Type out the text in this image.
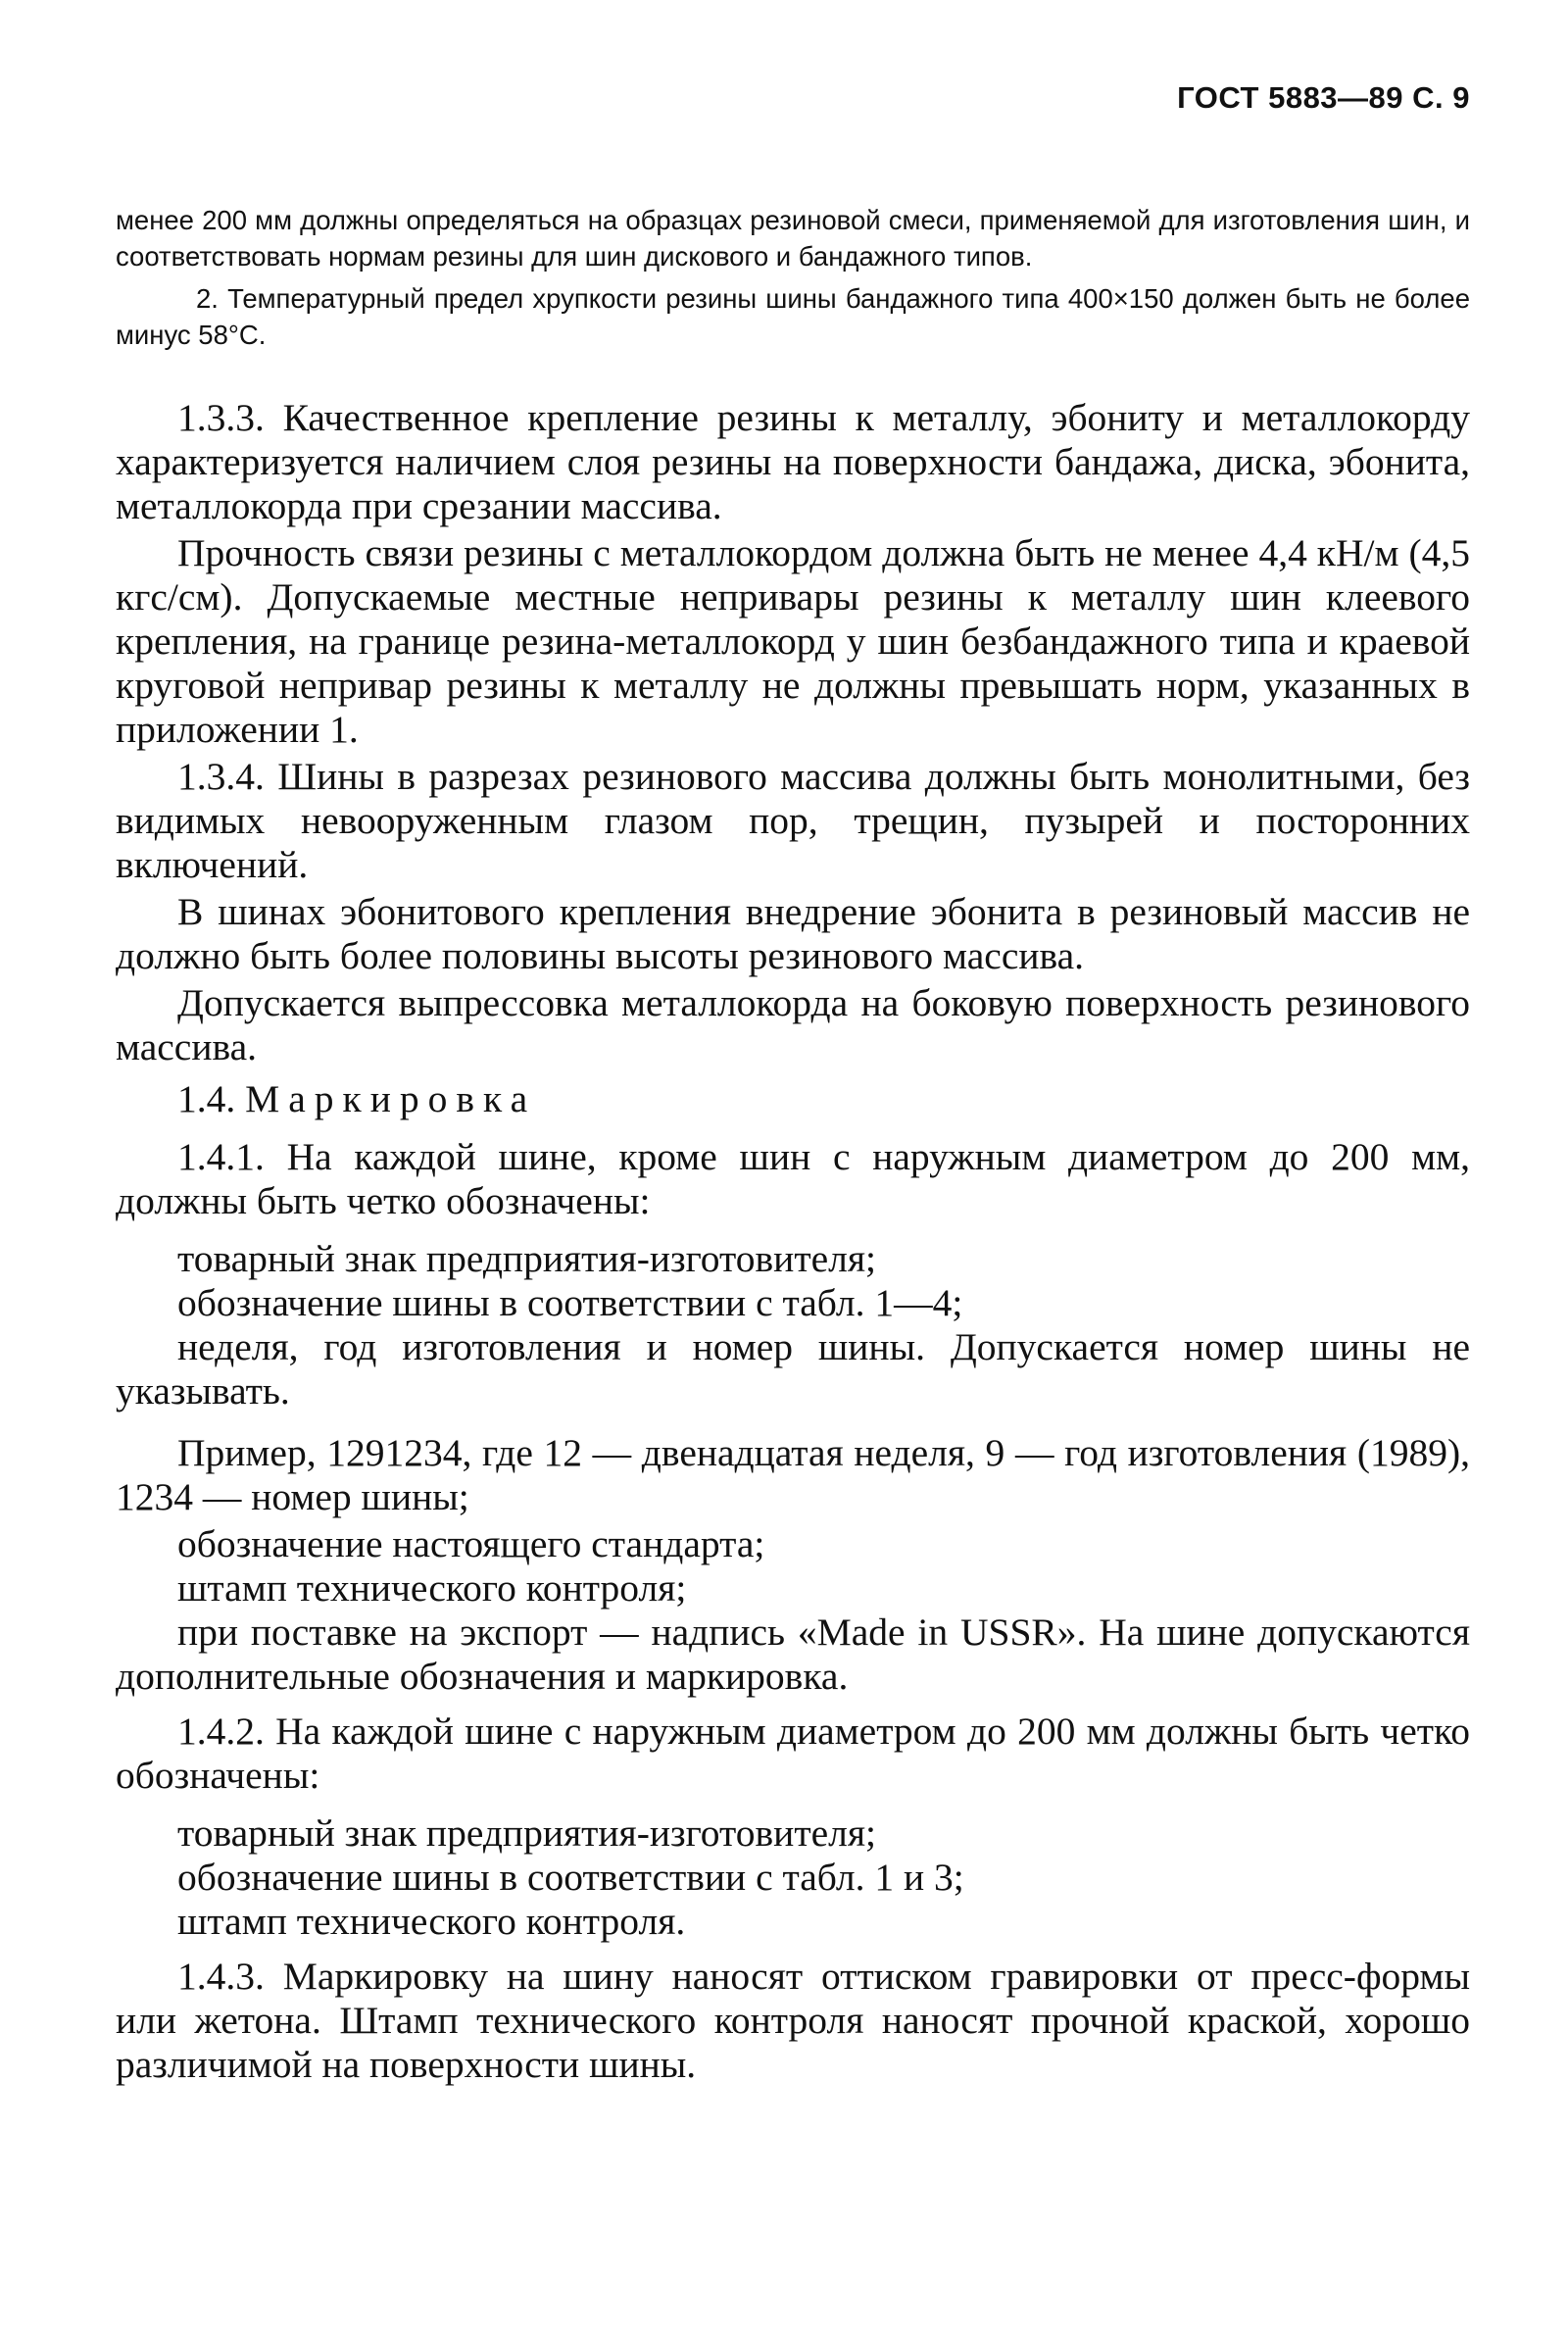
ГОСТ 5883—89 С. 9

менее 200 мм должны определяться на образцах резиновой смеси, применяемой для изготовления шин, и соответствовать нормам резины для шин дискового и бандажного типов.

2. Температурный предел хрупкости резины шины бандажного типа 400×150 должен быть не более минус 58°С.

1.3.3. Качественное крепление резины к металлу, эбониту и металлокорду характеризуется наличием слоя резины на поверхности бандажа, диска, эбонита, металлокорда при срезании массива.

Прочность связи резины с металлокордом должна быть не менее 4,4 кН/м (4,5 кгс/см). Допускаемые местные непривары резины к металлу шин клеевого крепления, на границе резина-металлокорд у шин безбандажного типа и краевой круговой непривар резины к металлу не должны превышать норм, указанных в приложении 1.

1.3.4. Шины в разрезах резинового массива должны быть монолитными, без видимых невооруженным глазом пор, трещин, пузырей и посторонних включений.

В шинах эбонитового крепления внедрение эбонита в резиновый массив не должно быть более половины высоты резинового массива.

Допускается выпрессовка металлокорда на боковую поверхность резинового массива.

1.4. Маркировка

1.4.1. На каждой шине, кроме шин с наружным диаметром до 200 мм, должны быть четко обозначены:

товарный знак предприятия-изготовителя;

обозначение шины в соответствии с табл. 1—4;

неделя, год изготовления и номер шины. Допускается номер шины не указывать.

Пример, 1291234, где 12 — двенадцатая неделя, 9 — год изготовления (1989), 1234 — номер шины;

обозначение настоящего стандарта;

штамп технического контроля;

при поставке на экспорт — надпись «Made in USSR». На шине допускаются дополнительные обозначения и маркировка.

1.4.2. На каждой шине с наружным диаметром до 200 мм должны быть четко обозначены:

товарный знак предприятия-изготовителя;

обозначение шины в соответствии с табл. 1 и 3;

штамп технического контроля.

1.4.3. Маркировку на шину наносят оттиском гравировки от пресс-формы или жетона. Штамп технического контроля наносят прочной краской, хорошо различимой на поверхности шины.
